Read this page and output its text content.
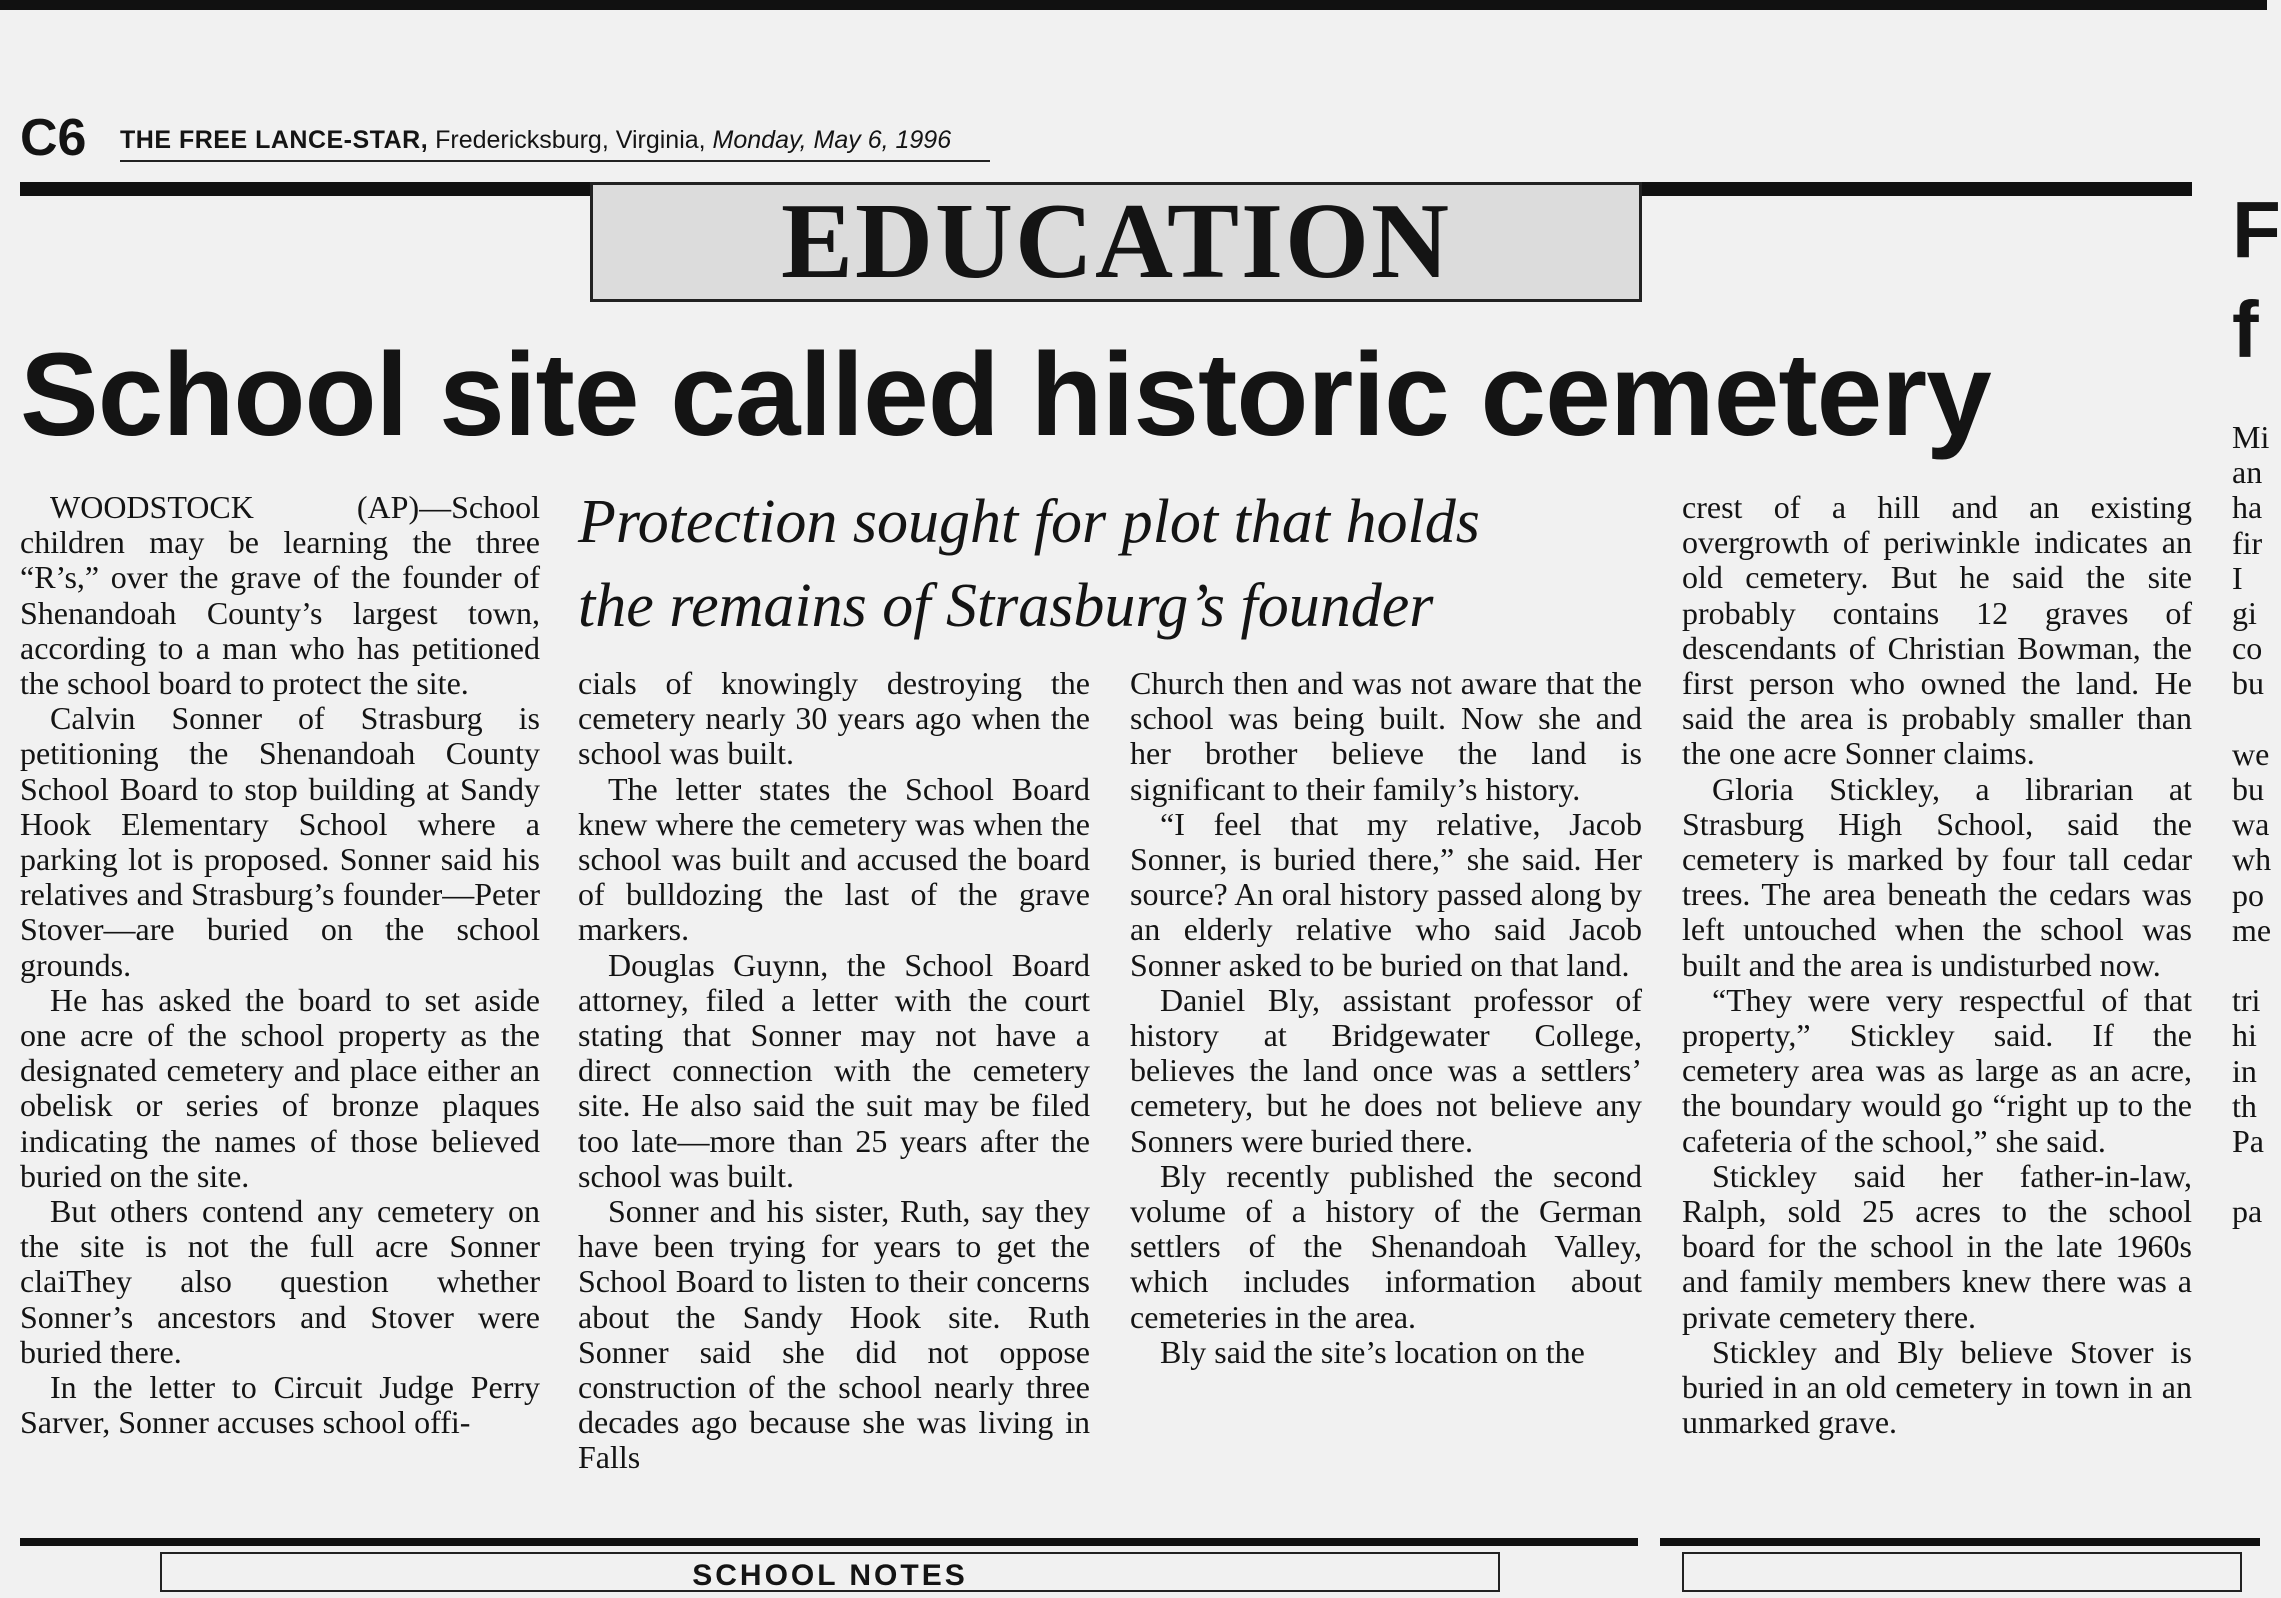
C6 THE FREE LANCE-STAR, Fredericksburg, Virginia, Monday, May 6, 1996
EDUCATION
School site called historic cemetery
Protection sought for plot that holds
the remains of Strasburg’s founder

WOODSTOCK (AP)—School children may be learning the three “R’s,” over the grave of the founder of Shenandoah County’s largest town, according to a man who has petitioned the school board to protect the site.

Calvin Sonner of Strasburg is petitioning the Shenandoah County School Board to stop building at Sandy Hook Elementary School where a parking lot is proposed. Sonner said his relatives and Strasburg’s founder—Peter Stover—are buried on the school grounds.

He has asked the board to set aside one acre of the school property as the designated cemetery and place either an obelisk or series of bronze plaques indicating the names of those believed buried on the site.

But others contend any cemetery on the site is not the full acre Sonner claiThey also question whether Sonner’s ancestors and Stover were buried there.

In the letter to Circuit Judge Perry Sarver, Sonner accuses school offi-

cials of knowingly destroying the cemetery nearly 30 years ago when the school was built.

The letter states the School Board knew where the cemetery was when the school was built and accused the board of bulldozing the last of the grave markers.

Douglas Guynn, the School Board attorney, filed a letter with the court stating that Sonner may not have a direct connection with the cemetery site. He also said the suit may be filed too late—more than 25 years after the school was built.

Sonner and his sister, Ruth, say they have been trying for years to get the School Board to listen to their concerns about the Sandy Hook site. Ruth Sonner said she did not oppose construction of the school nearly three decades ago because she was living in Falls

Church then and was not aware that the school was being built. Now she and her brother believe the land is significant to their family’s history.

“I feel that my relative, Jacob Sonner, is buried there,” she said. Her source? An oral history passed along by an elderly relative who said Jacob Sonner asked to be buried on that land.

Daniel Bly, assistant professor of history at Bridgewater College, believes the land once was a settlers’ cemetery, but he does not believe any Sonners were buried there.

Bly recently published the second volume of a history of the German settlers of the Shenandoah Valley, which includes information about cemeteries in the area.

Bly said the site’s location on the

crest of a hill and an existing overgrowth of periwinkle indicates an old cemetery. But he said the site probably contains 12 graves of descendants of Christian Bowman, the first person who owned the land. He said the area is probably smaller than the one acre Sonner claims.

Gloria Stickley, a librarian at Strasburg High School, said the cemetery is marked by four tall cedar trees. The area beneath the cedars was left untouched when the school was built and the area is undisturbed now.

“They were very respectful of that property,” Stickley said. If the cemetery area was as large as an acre, the boundary would go “right up to the cafeteria of the school,” she said.

Stickley said her father-in-law, Ralph, sold 25 acres to the school board for the school in the late 1960s and family members knew there was a private cemetery there.

Stickley and Bly believe Stover is buried in an old cemetery in town in an unmarked grave.

F
f
Mi
an
ha
fir
I
gi
co
bu

we
bu
wa
wh
po
me

tri
hi
in
th
Pa

pa
SCHOOL NOTES
